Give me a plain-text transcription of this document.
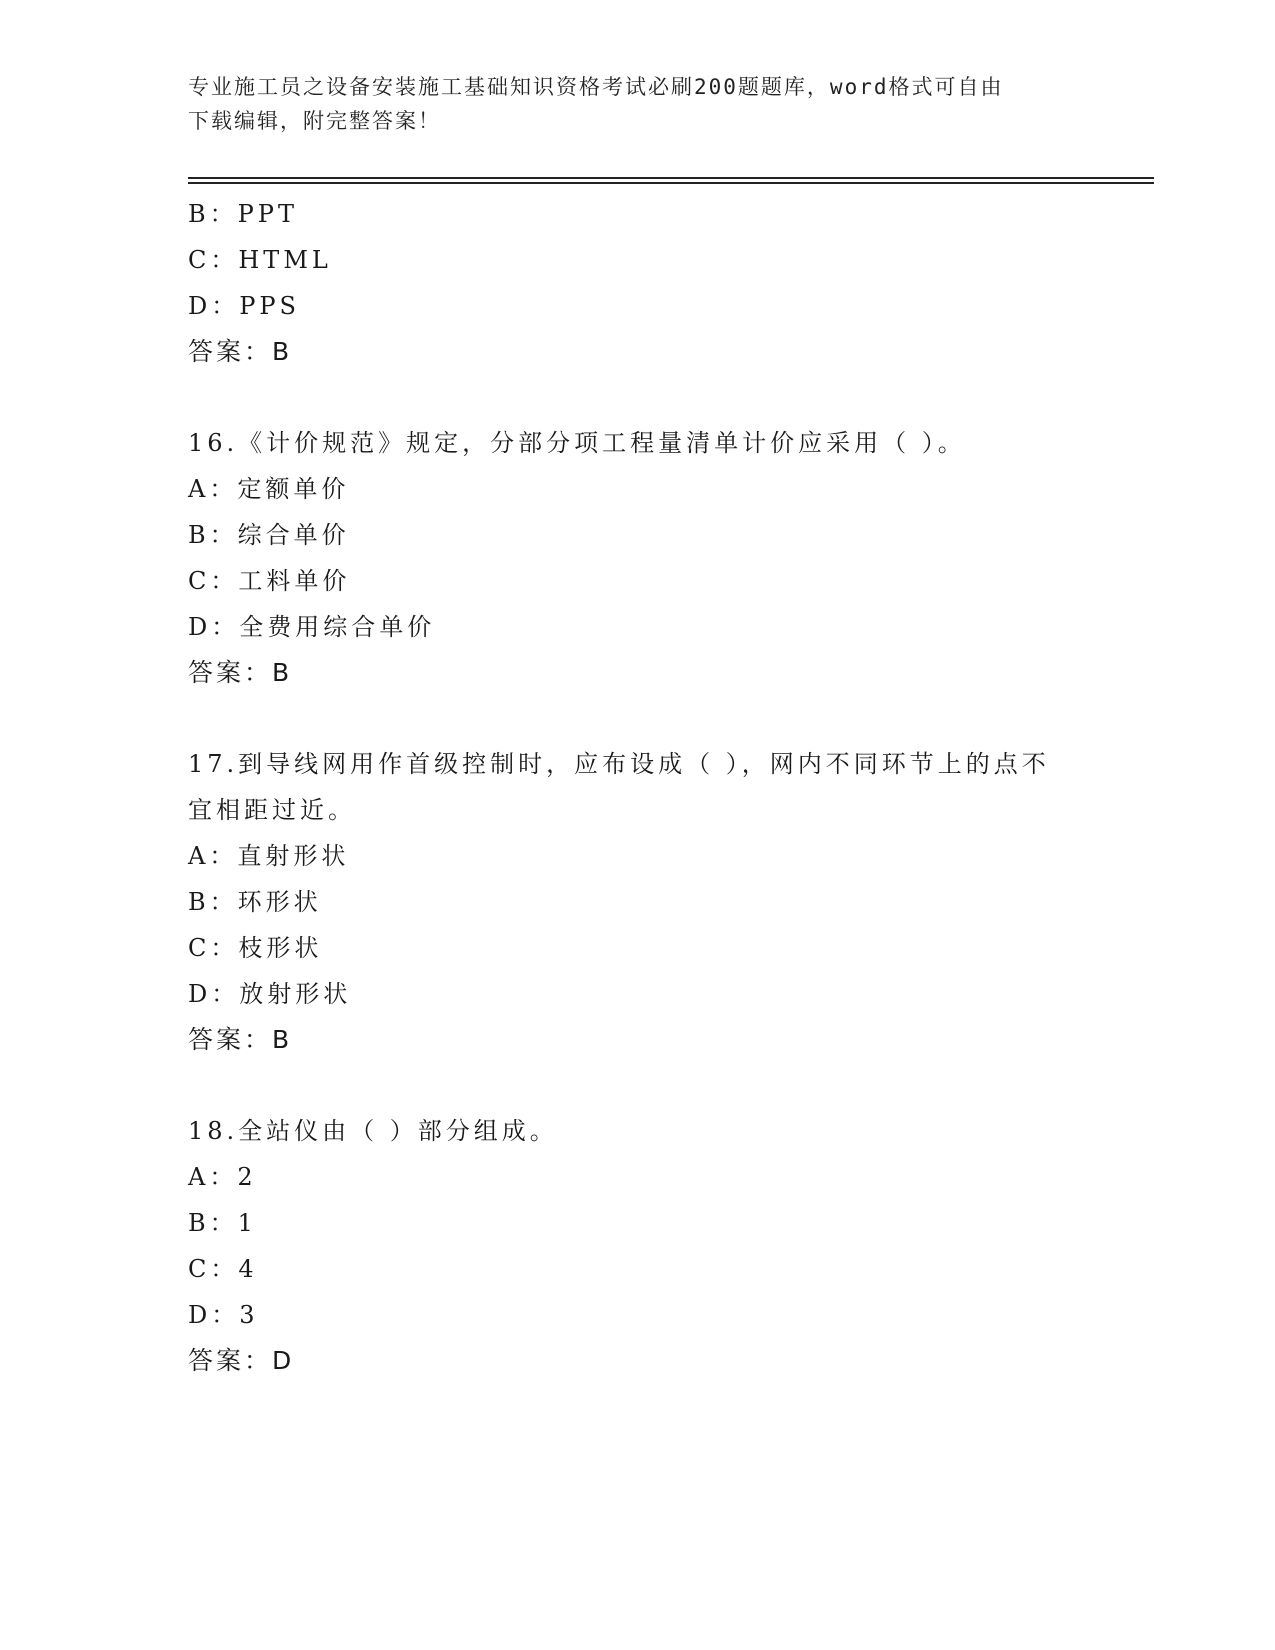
专业施工员之设备安装施工基础知识资格考试必刷200题题库，word格式可自由
下载编辑，附完整答案！
B：PPT
C：HTML
D：PPS
答案：B
16.《计价规范》规定，分部分项工程量清单计价应采用（ ）。
A：定额单价
B：综合单价
C：工料单价
D：全费用综合单价
答案：B
17.到导线网用作首级控制时，应布设成（ ），网内不同环节上的点不宜相距过近。
A：直射形状
B：环形状
C：枝形状
D：放射形状
答案：B
18.全站仪由（ ）部分组成。
A：2
B：1
C：4
D：3
答案：D
